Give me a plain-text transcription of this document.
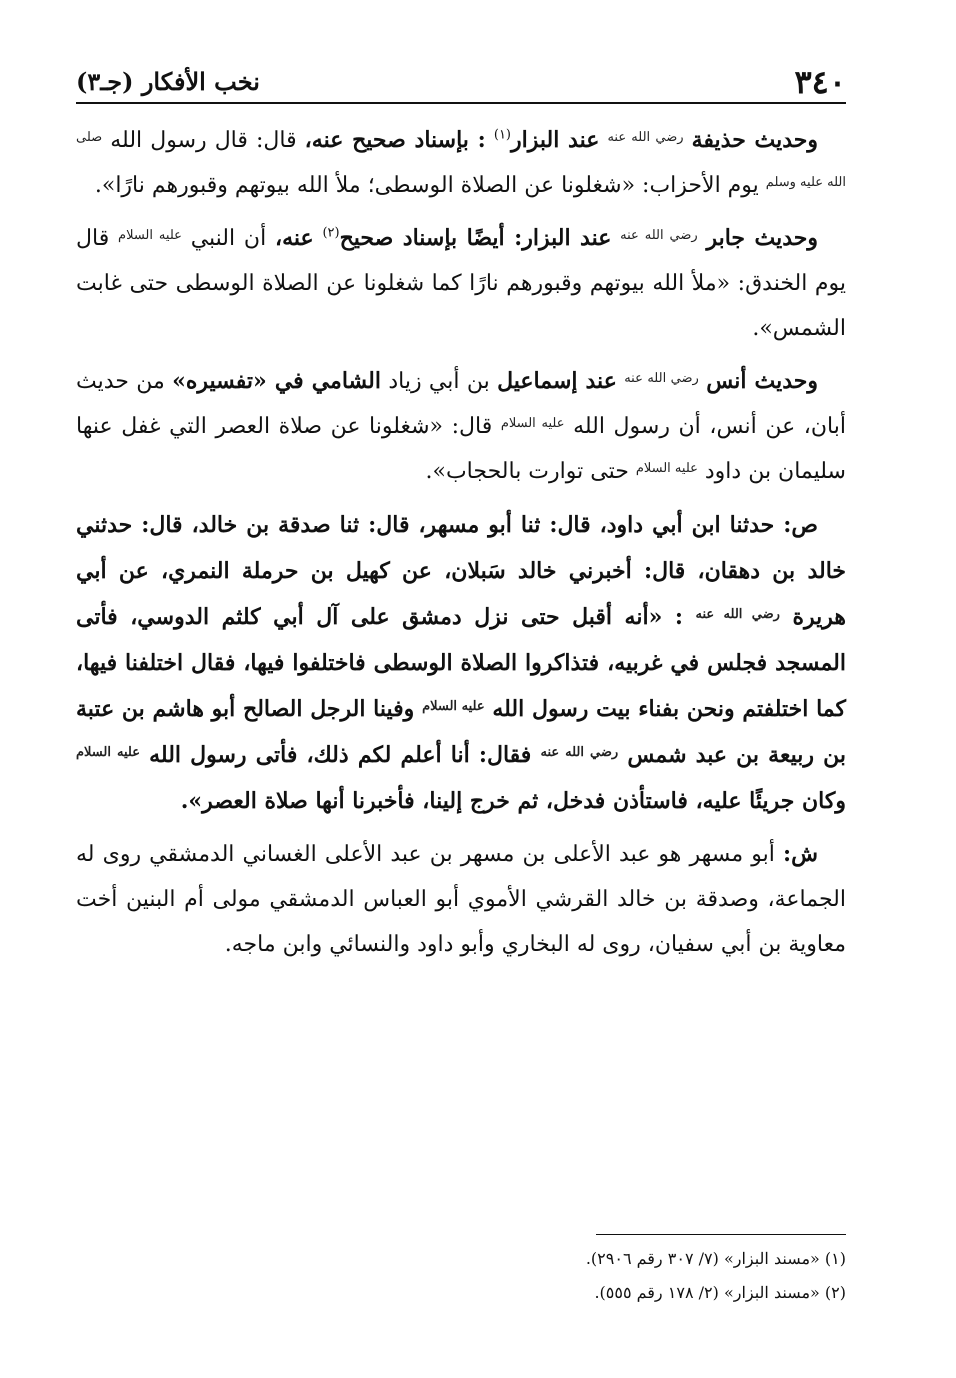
٣٤٠
نخب الأفكار (جـ٣)

وحديث حذيفة $^{رضي الله عنه}$ عند البزار$^{(١)}$ : بإسناد صحيح عنه، قال: قال رسول الله $^{صلى الله عليه وسلم}$ يوم الأحزاب: «شغلونا عن الصلاة الوسطى؛ ملأ الله بيوتهم وقبورهم نارًا».

وحديث جابر $^{رضي الله عنه}$ عند البزار: أيضًا بإسناد صحيح$^{(٢)}$ عنه، أن النبي $^{عليه السلام}$ قال يوم الخندق: «ملأ الله بيوتهم وقبورهم نارًا كما شغلونا عن الصلاة الوسطى حتى غابت الشمس».

وحديث أنس $^{رضي الله عنه}$ عند إسماعيل بن أبي زياد الشامي في «تفسيره» من حديث أبان، عن أنس، أن رسول الله $^{عليه السلام}$ قال: «شغلونا عن صلاة العصر التي غفل عنها سليمان بن داود $^{عليه السلام}$ حتى توارت بالحجاب».

ص: حدثنا ابن أبي داود، قال: ثنا أبو مسهر، قال: ثنا صدقة بن خالد، قال: حدثني خالد بن دهقان، قال: أخبرني خالد سَبلان، عن كهيل بن حرملة النمري، عن أبي هريرة $^{رضي الله عنه}$ : «أنه أقبل حتى نزل دمشق على آل أبي كلثم الدوسي، فأتى المسجد فجلس في غربيه، فتذاكروا الصلاة الوسطى فاختلفوا فيها، فقال اختلفنا فيها، كما اختلفتم ونحن بفناء بيت رسول الله $^{عليه السلام}$ وفينا الرجل الصالح أبو هاشم بن عتبة بن ربيعة بن عبد شمس $^{رضي الله عنه}$ فقال: أنا أعلم لكم ذلك، فأتى رسول الله $^{عليه السلام}$ وكان جريئًا عليه، فاستأذن فدخل، ثم خرج إلينا، فأخبرنا أنها صلاة العصر».

ش: أبو مسهر هو عبد الأعلى بن مسهر بن عبد الأعلى الغساني الدمشقي روى له الجماعة، وصدقة بن خالد القرشي الأموي أبو العباس الدمشقي مولى أم البنين أخت معاوية بن أبي سفيان، روى له البخاري وأبو داود والنسائي وابن ماجه.

(١) «مسند البزار» (٧/ ٣٠٧ رقم ٢٩٠٦).

(٢) «مسند البزار» (٢/ ١٧٨ رقم ٥٥٥).
